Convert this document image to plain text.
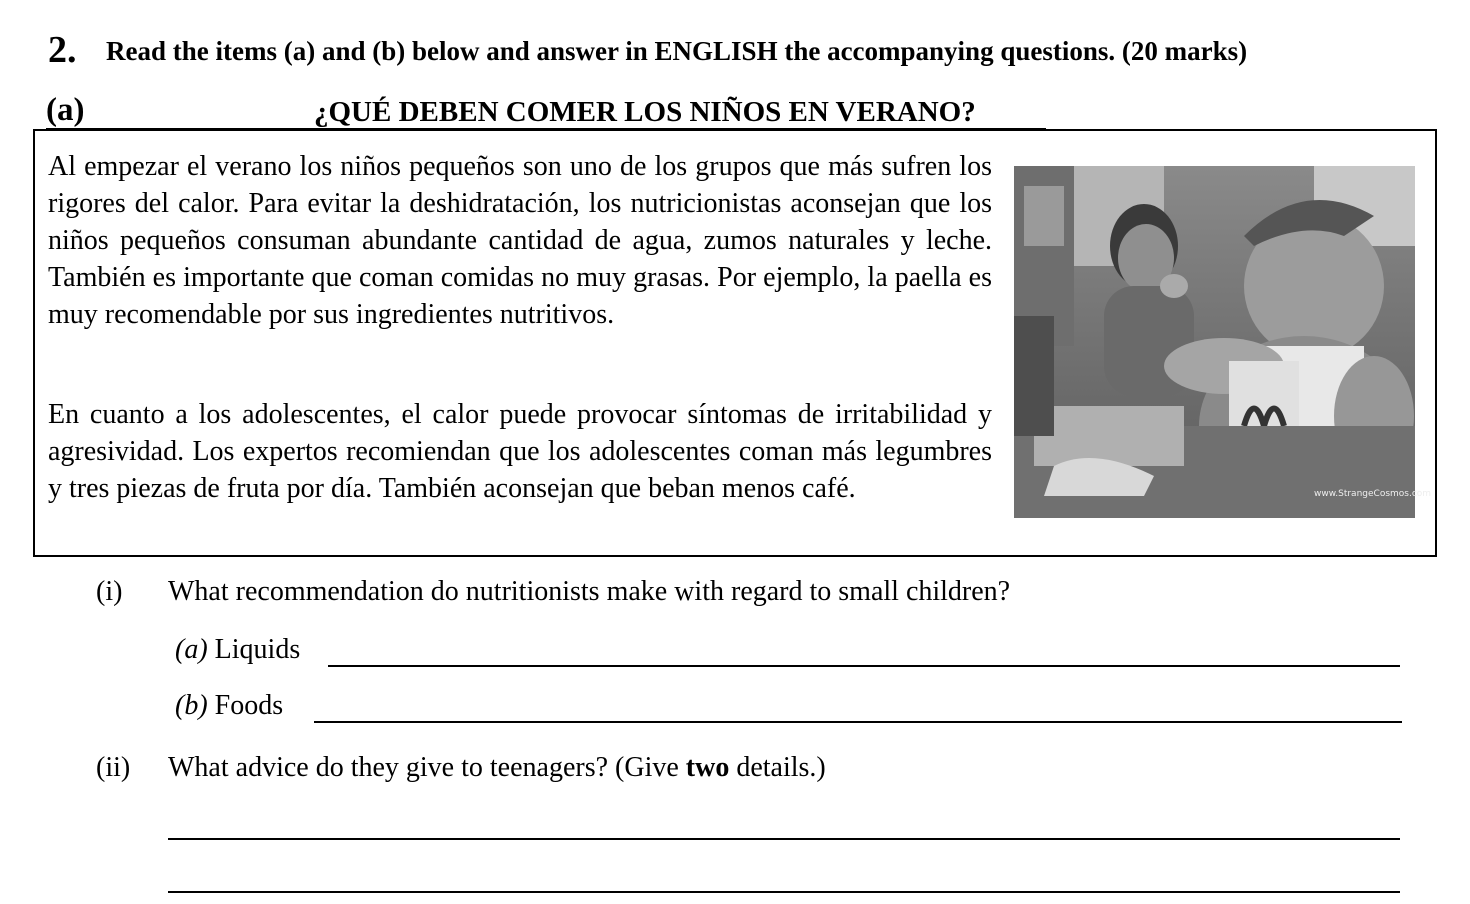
2. Read the items (a) and (b) below and answer in ENGLISH the accompanying questions. (20 marks)
(a)	¿QUÉ DEBEN COMER LOS NIÑOS EN VERANO?
Al empezar el verano los niños pequeños son uno de los grupos que más sufren los rigores del calor. Para evitar la deshidratación, los nutricionistas aconsejan que los niños pequeños consuman abundante cantidad de agua, zumos naturales y leche. También es importante que coman comidas no muy grasas. Por ejemplo, la paella es muy recomendable por sus ingredientes nutritivos.
En cuanto a los adolescentes, el calor puede provocar síntomas de irritabilidad y agresividad. Los expertos recomiendan que los adolescentes coman más legumbres y tres piezas de fruta por día. También aconsejan que beban menos café.	www.StrangeCosmos.com
(i) What recommendation do nutritionists make with regard to small children?
(a) Liquids
(b) Foods
(ii) What advice do they give to teenagers? (Give two details.)
